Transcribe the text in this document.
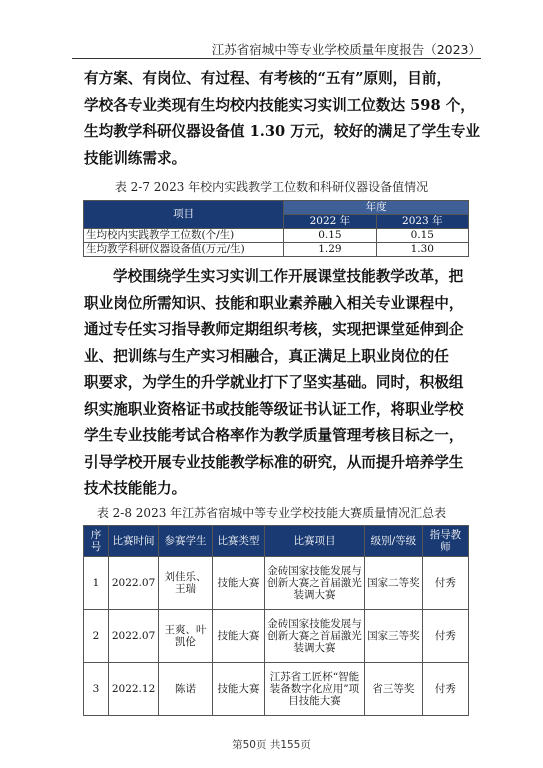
江苏省宿城中等专业学校质量年度报告（2023）
有方案、有岗位、有过程、有考核的“五有”原则，目前，
学校各专业类现有生均校内技能实习实训工位数达 598 个，
生均教学科研仪器设备值 1.30 万元，较好的满足了学生专业
技能训练需求。
表 2-7 2023 年校内实践教学工位数和科研仪器设备值情况
项目	年度	
	2022 年	2023 年
生均校内实践教学工位数(个/生)	0.15	0.15
生均教学科研仪器设备值(万元/生)	1.29	1.30
学校围绕学生实习实训工作开展课堂技能教学改革，把
职业岗位所需知识、技能和职业素养融入相关专业课程中，
通过专任实习指导教师定期组织考核，实现把课堂延伸到企
业、把训练与生产实习相融合，真正满足上职业岗位的任
职要求，为学生的升学就业打下了坚实基础。同时，积极组
织实施职业资格证书或技能等级证书认证工作，将职业学校
学生专业技能考试合格率作为教学质量管理考核目标之一，
引导学校开展专业技能教学标准的研究，从而提升培养学生
技术技能能力。
表 2-8 2023 年江苏省宿城中等专业学校技能大赛质量情况汇总表
序号	比赛时间	参赛学生	比赛类型	比赛项目	级别/等级	指导教师
1	2022.07	刘佳乐、王瑞	技能大赛	金砖国家技能发展与创新大赛之首届激光装调大赛	国家二等奖	付秀
2	2022.07	王爽、叶凯伦	技能大赛	金砖国家技能发展与创新大赛之首届激光装调大赛	国家三等奖	付秀
3	2022.12	陈诺	技能大赛	江苏省工匠杯“智能装备数字化应用”项目技能大赛	省三等奖	付秀
第50页 共155页
